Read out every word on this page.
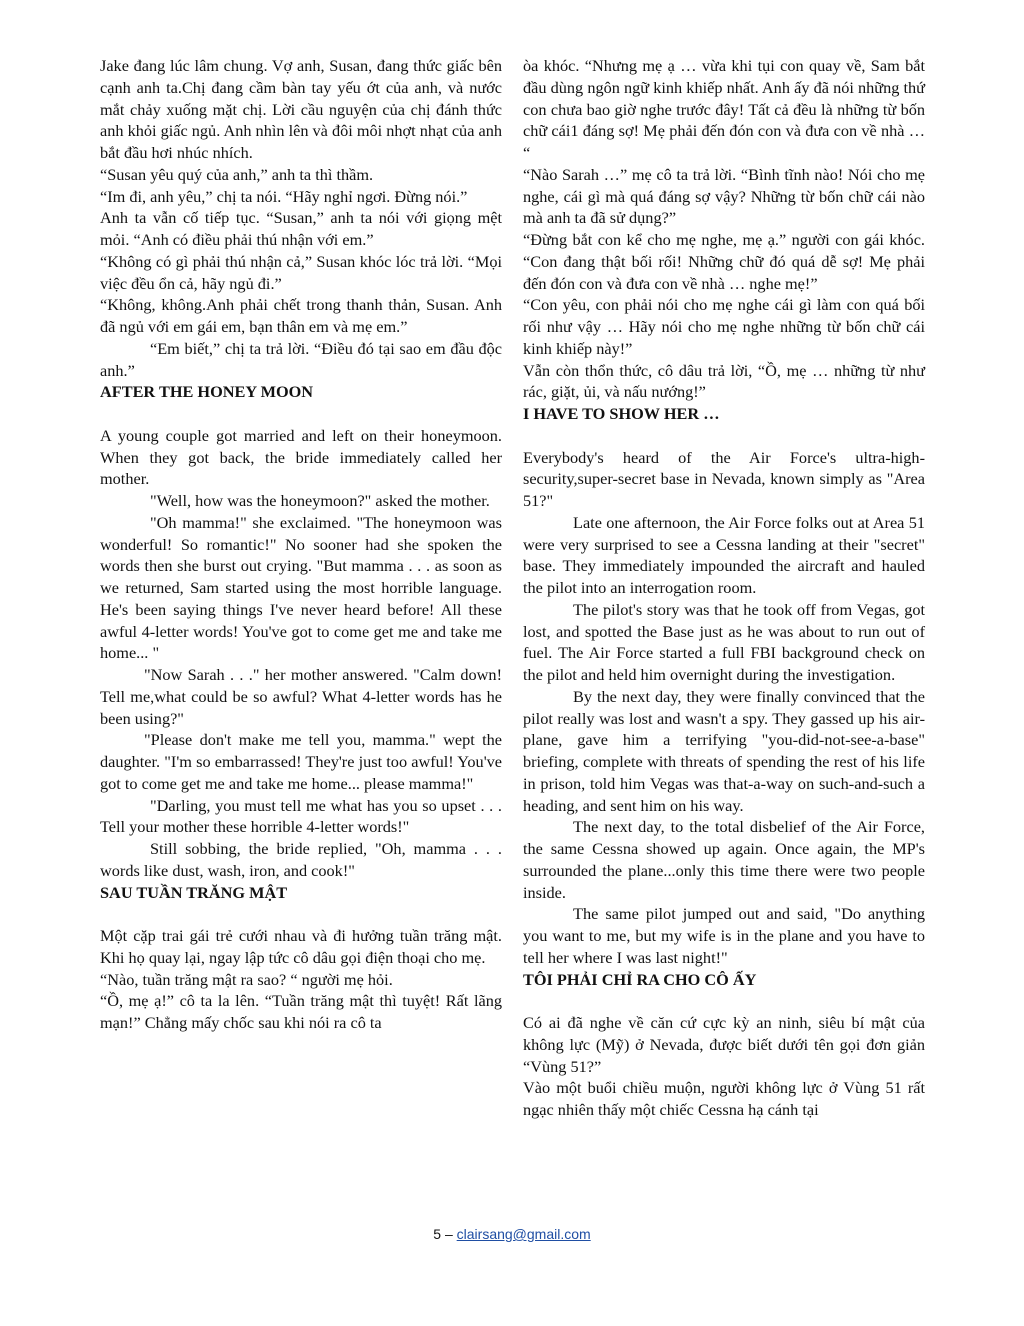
Jake đang lúc lâm chung. Vợ anh, Susan, đang thức giấc bên cạnh anh ta.Chị đang cầm bàn tay yếu ớt của anh, và nước mắt chảy xuống mặt chị. Lời cầu nguyện của chị đánh thức anh khỏi giấc ngủ. Anh nhìn lên và đôi môi nhợt nhạt của anh bắt đầu hơi nhúc nhích.

“Susan yêu quý của anh,” anh ta thì thầm.

“Im đi, anh yêu,” chị ta nói. “Hãy nghỉ ngơi. Đừng nói.”

Anh ta vẫn cố tiếp tục. “Susan,” anh ta nói với giọng mệt mỏi. “Anh có điều phải thú nhận với em.”

“Không có gì phải thú nhận cả,” Susan khóc lóc trả lời. “Mọi việc đều ổn cả, hãy ngủ đi.”

“Không, không.Anh phải chết trong thanh thản, Susan. Anh đã ngủ với em gái em, bạn thân em và mẹ em.”

“Em biết,” chị ta trả lời. “Điều đó tại sao em đầu độc anh.”

AFTER THE HONEY MOON

A young couple got married and left on their honeymoon. When they got back, the bride immediately called her mother.

"Well, how was the honeymoon?" asked the mother.

"Oh mamma!" she exclaimed. "The honeymoon was wonderful! So romantic!" No sooner had she spoken the words then she burst out crying. "But mamma . . . as soon as we returned, Sam started using the most horrible language. He's been saying things I've never heard before! All these awful 4-letter words! You've got to come get me and take me home... "

"Now Sarah . . ." her mother answered. "Calm down! Tell me,what could be so awful? What 4-letter words has he been using?"

"Please don't make me tell you, mamma." wept the daughter. "I'm so embarrassed! They're just too awful! You've got to come get me and take me home... please mamma!"

"Darling, you must tell me what has you so upset . . . Tell your mother these horrible 4-letter words!"

Still sobbing, the bride replied, "Oh, mamma . . . words like dust, wash, iron, and cook!"

SAU TUẦN TRĂNG MẬT

Một cặp trai gái trẻ cưới nhau và đi hưởng tuần trăng mật. Khi họ quay lại, ngay lập tức cô dâu gọi điện thoại cho mẹ.

“Nào, tuần trăng mật ra sao? “ người mẹ hỏi.

“Ồ, mẹ ạ!” cô ta la lên. “Tuần trăng mật thì tuyệt! Rất lãng mạn!” Chẳng mấy chốc sau khi nói ra cô ta

òa khóc. “Nhưng mẹ ạ … vừa khi tụi con quay về, Sam bắt đầu dùng ngôn ngữ kinh khiếp nhất. Anh ấy đã nói những thứ con chưa bao giờ nghe trước đây! Tất cả đều là những từ bốn chữ cái1 đáng sợ! Mẹ phải đến đón con và đưa con về nhà … “

“Nào Sarah …” mẹ cô ta trả lời. “Bình tĩnh nào! Nói cho mẹ nghe, cái gì mà quá đáng sợ vậy? Những từ bốn chữ cái nào mà anh ta đã sử dụng?”

“Đừng bắt con kể cho mẹ nghe, mẹ ạ.” người con gái khóc. “Con đang thật bối rối! Những chữ đó quá dễ sợ! Mẹ phải đến đón con và đưa con về nhà … nghe mẹ!”

“Con yêu, con phải nói cho mẹ nghe cái gì làm con quá bối rối như vậy … Hãy nói cho mẹ nghe những từ bốn chữ cái kinh khiếp này!”

Vẫn còn thổn thức, cô dâu trả lời, “Ồ, mẹ … những từ như rác, giặt, ủi, và nấu nướng!”

I HAVE TO SHOW HER …

Everybody's heard of the Air Force's ultra-high-security,super-secret base in Nevada, known simply as "Area 51?"

Late one afternoon, the Air Force folks out at Area 51 were very surprised to see a Cessna landing at their "secret" base. They immediately impounded the aircraft and hauled the pilot into an interrogation room.

The pilot's story was that he took off from Vegas, got lost, and spotted the Base just as he was about to run out of fuel. The Air Force started a full FBI background check on the pilot and held him overnight during the investigation.

By the next day, they were finally convinced that the pilot really was lost and wasn't a spy. They gassed up his air-plane, gave him a terrifying "you-did-not-see-a-base" briefing, complete with threats of spending the rest of his life in prison, told him Vegas was that-a-way on such-and-such a heading, and sent him on his way.

The next day, to the total disbelief of the Air Force, the same Cessna showed up again. Once again, the MP's surrounded the plane...only this time there were two people inside.

The same pilot jumped out and said, "Do anything you want to me, but my wife is in the plane and you have to tell her where I was last night!"

TÔI PHẢI CHỈ RA CHO CÔ ẤY

Có ai đã nghe về căn cứ cực kỳ an ninh, siêu bí mật của không lực (Mỹ) ở Nevada, được biết dưới tên gọi đơn giản “Vùng 51?”

Vào một buổi chiều muộn, người không lực ở Vùng 51 rất ngạc nhiên thấy một chiếc Cessna hạ cánh tại

5 – clairsang@gmail.com
